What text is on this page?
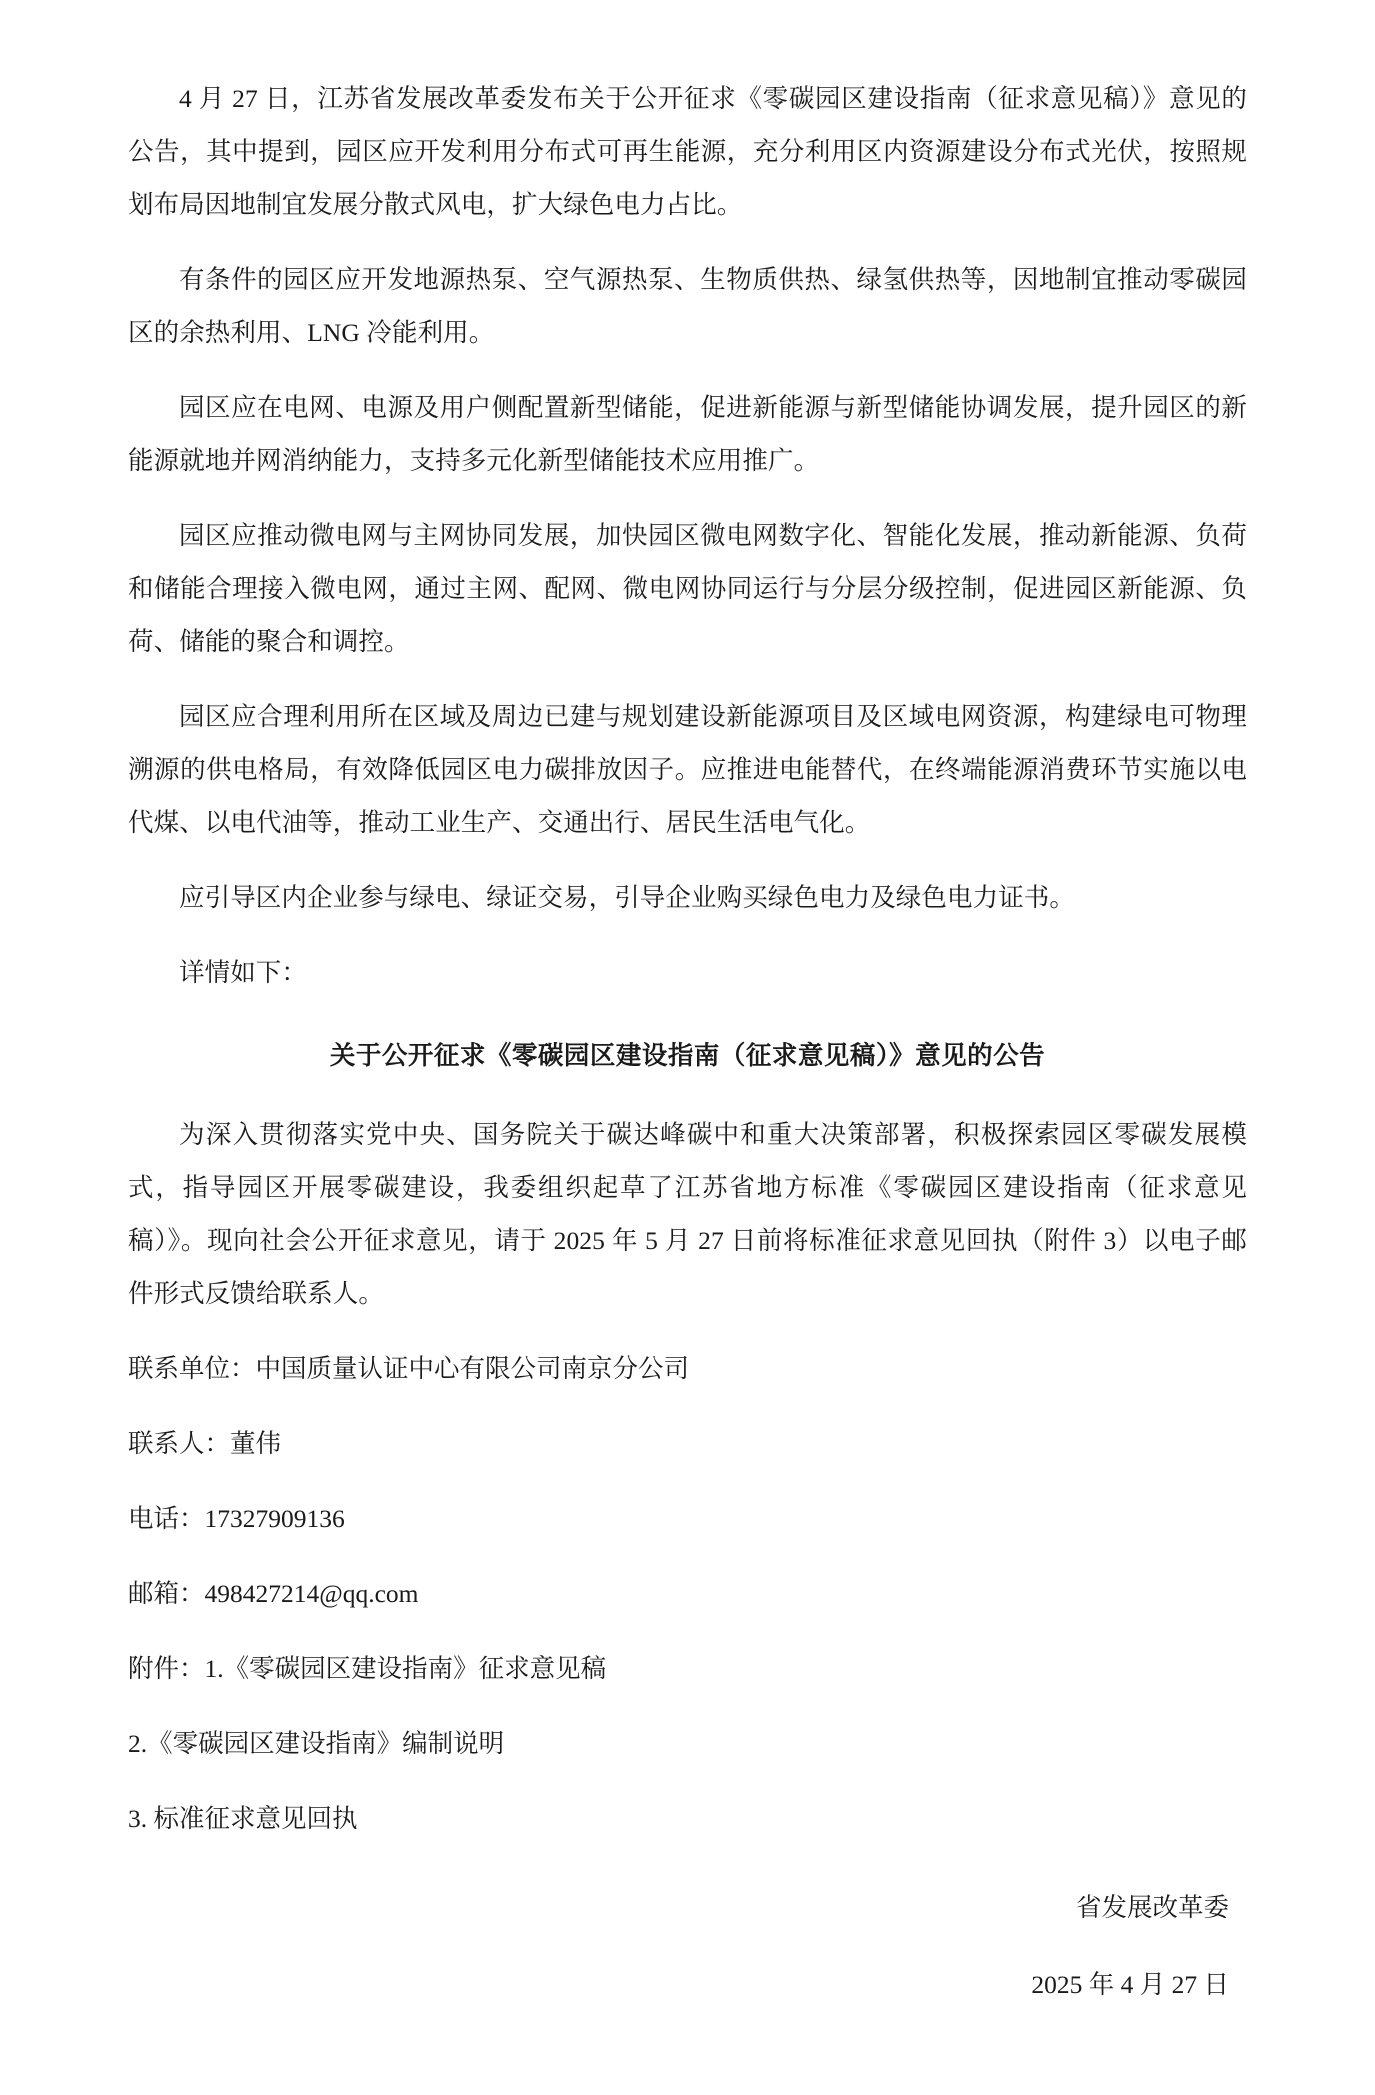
4 月 27 日，江苏省发展改革委发布关于公开征求《零碳园区建设指南（征求意见稿）》意见的公告，其中提到，园区应开发利用分布式可再生能源，充分利用区内资源建设分布式光伏，按照规划布局因地制宜发展分散式风电，扩大绿色电力占比。

有条件的园区应开发地源热泵、空气源热泵、生物质供热、绿氢供热等，因地制宜推动零碳园区的余热利用、LNG 冷能利用。

园区应在电网、电源及用户侧配置新型储能，促进新能源与新型储能协调发展，提升园区的新能源就地并网消纳能力，支持多元化新型储能技术应用推广。

园区应推动微电网与主网协同发展，加快园区微电网数字化、智能化发展，推动新能源、负荷和储能合理接入微电网，通过主网、配网、微电网协同运行与分层分级控制，促进园区新能源、负荷、储能的聚合和调控。

园区应合理利用所在区域及周边已建与规划建设新能源项目及区域电网资源，构建绿电可物理溯源的供电格局，有效降低园区电力碳排放因子。应推进电能替代，在终端能源消费环节实施以电代煤、以电代油等，推动工业生产、交通出行、居民生活电气化。

应引导区内企业参与绿电、绿证交易，引导企业购买绿色电力及绿色电力证书。

详情如下：

关于公开征求《零碳园区建设指南（征求意见稿）》意见的公告

为深入贯彻落实党中央、国务院关于碳达峰碳中和重大决策部署，积极探索园区零碳发展模式，指导园区开展零碳建设，我委组织起草了江苏省地方标准《零碳园区建设指南（征求意见稿）》。现向社会公开征求意见，请于 2025 年 5 月 27 日前将标准征求意见回执（附件 3）以电子邮件形式反馈给联系人。

联系单位：中国质量认证中心有限公司南京分公司

联系人：董伟

电话：17327909136

邮箱：498427214@qq.com

附件：1.《零碳园区建设指南》征求意见稿

2.《零碳园区建设指南》编制说明

3. 标准征求意见回执

省发展改革委

2025 年 4 月 27 日
